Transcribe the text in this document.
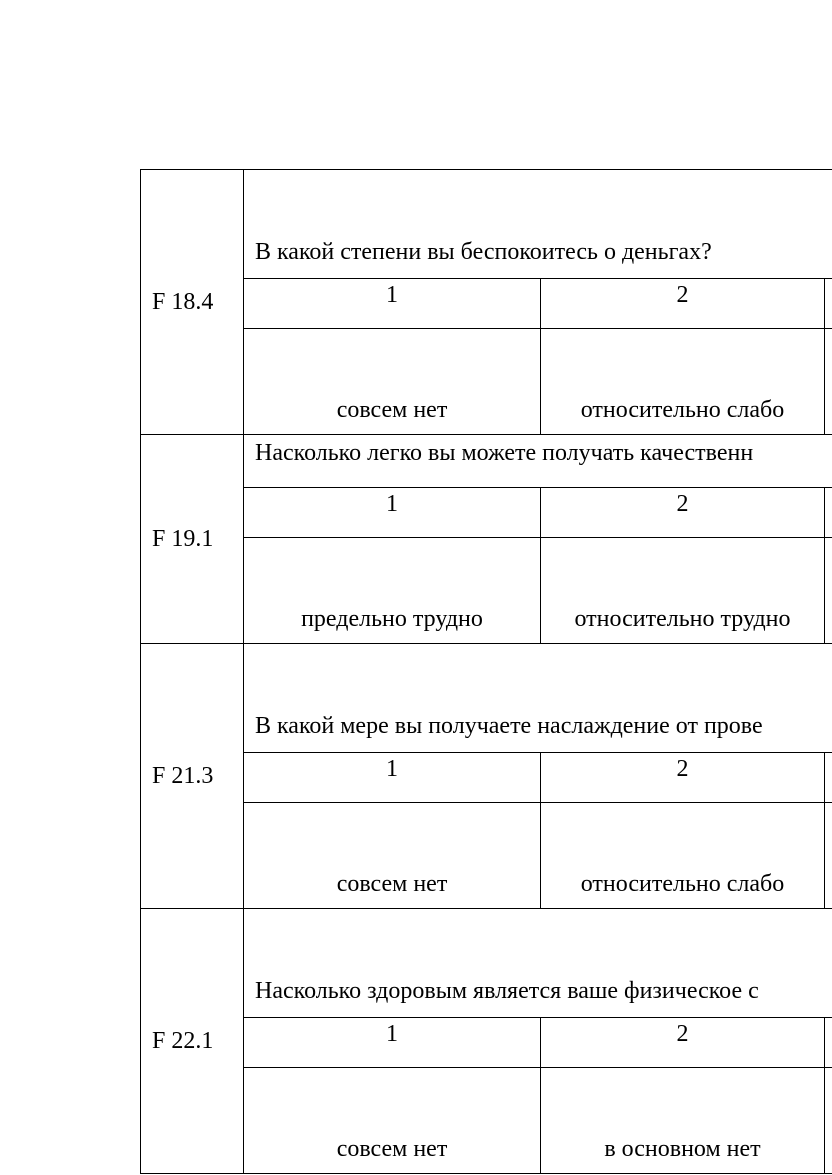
F 18.4	В какой степени вы беспокоитесь о деньгах?		
	1	2	
	совсем нет	относительно слабо	
F 19.1	Насколько легко вы можете получать качественн		
	1	2	
	предельно трудно	относительно трудно	
F 21.3	В какой мере вы получаете наслаждение от прове		
	1	2	
	совсем нет	относительно слабо	
F 22.1	Насколько здоровым является ваше физическое с		
	1	2	
	совсем нет	в основном нет	
